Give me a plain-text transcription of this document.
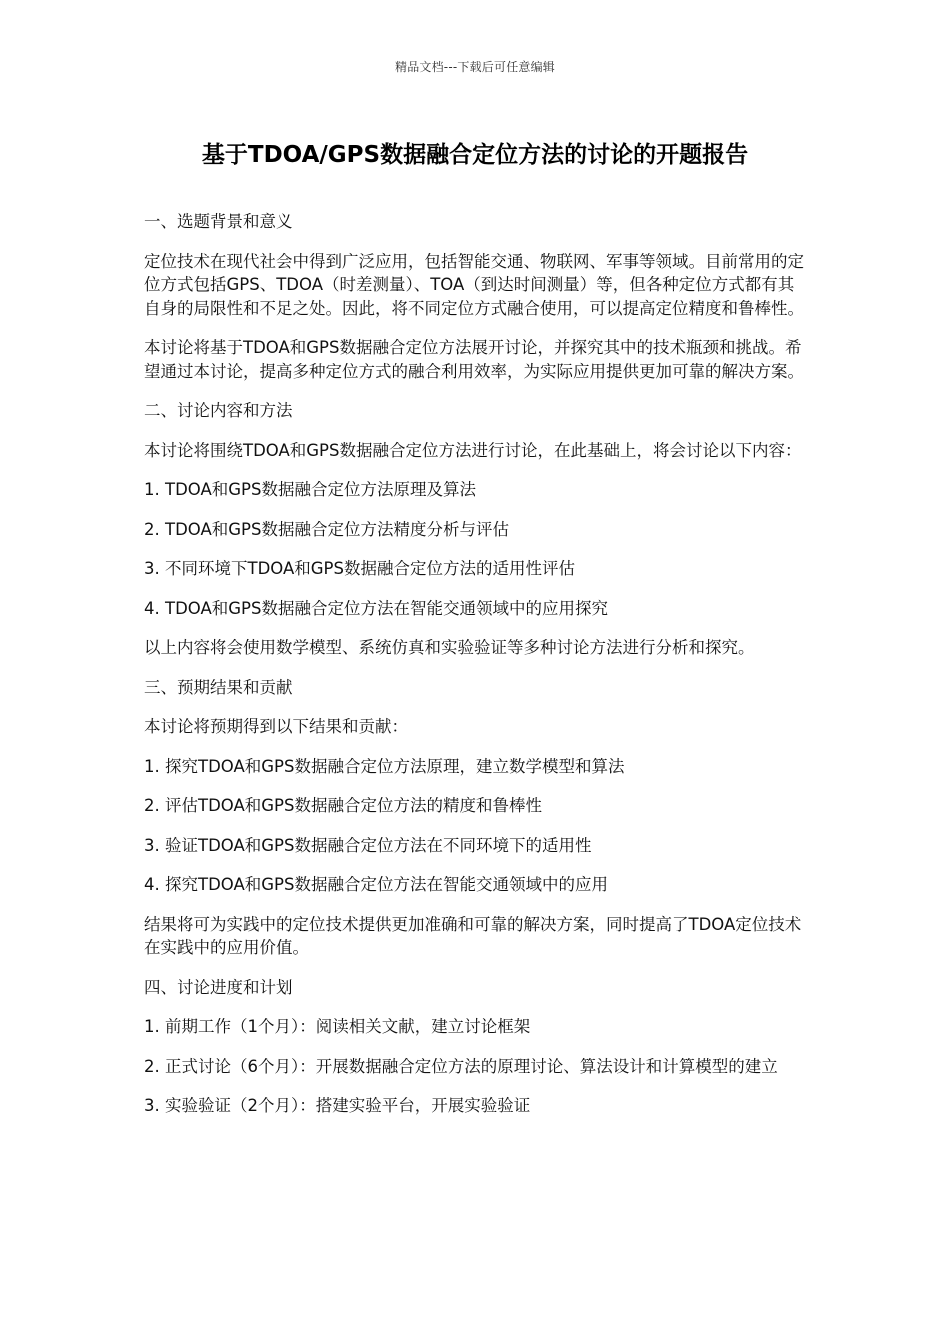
精品文档---下载后可任意编辑
基于TDOA/GPS数据融合定位方法的讨论的开题报告

一、选题背景和意义

定位技术在现代社会中得到广泛应用，包括智能交通、物联网、军事等领域。目前常用的定位方式包括GPS、TDOA（时差测量）、TOA（到达时间测量）等，但各种定位方式都有其自身的局限性和不足之处。因此，将不同定位方式融合使用，可以提高定位精度和鲁棒性。

本讨论将基于TDOA和GPS数据融合定位方法展开讨论，并探究其中的技术瓶颈和挑战。希望通过本讨论，提高多种定位方式的融合利用效率，为实际应用提供更加可靠的解决方案。

二、讨论内容和方法

本讨论将围绕TDOA和GPS数据融合定位方法进行讨论，在此基础上，将会讨论以下内容：

1. TDOA和GPS数据融合定位方法原理及算法

2. TDOA和GPS数据融合定位方法精度分析与评估

3. 不同环境下TDOA和GPS数据融合定位方法的适用性评估

4. TDOA和GPS数据融合定位方法在智能交通领域中的应用探究

以上内容将会使用数学模型、系统仿真和实验验证等多种讨论方法进行分析和探究。

三、预期结果和贡献

本讨论将预期得到以下结果和贡献：

1. 探究TDOA和GPS数据融合定位方法原理，建立数学模型和算法

2. 评估TDOA和GPS数据融合定位方法的精度和鲁棒性

3. 验证TDOA和GPS数据融合定位方法在不同环境下的适用性

4. 探究TDOA和GPS数据融合定位方法在智能交通领域中的应用

结果将可为实践中的定位技术提供更加准确和可靠的解决方案，同时提高了TDOA定位技术在实践中的应用价值。

四、讨论进度和计划

1. 前期工作（1个月）：阅读相关文献，建立讨论框架

2. 正式讨论（6个月）：开展数据融合定位方法的原理讨论、算法设计和计算模型的建立

3. 实验验证（2个月）：搭建实验平台，开展实验验证
